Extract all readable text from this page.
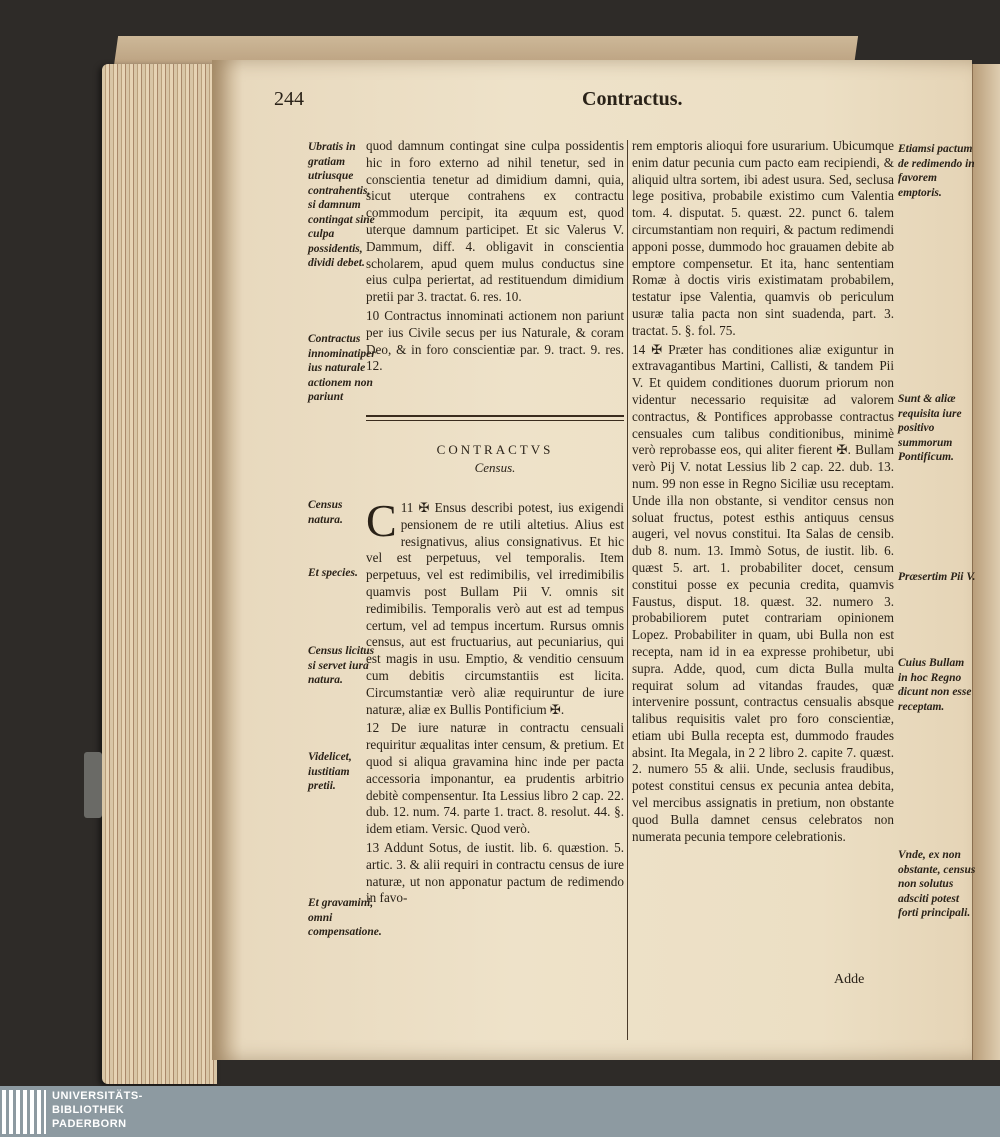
244	Contractus.
Ubratis in gratiam utriusque contrahentis, si damnum contingat sine culpa possidentis, dividi debet.
Contractus innominatiper ius naturale actionem non pariunt
Census natura.
Et species.
Census licitus si servet iura natura.
Videlicet, iustitiam pretii.
Et gravamini, omni compensatione.

quod damnum contingat sine culpa possidentis hic in foro externo ad nihil tenetur, sed in conscientia tenetur ad dimidium damni, quia, sicut uterque contrahens ex contractu commodum percipit, ita æquum est, quod uterque damnum participet. Et sic Valerus V. Dammum, diff. 4. obligavit in conscientia scholarem, apud quem mulus conductus sine eius culpa periertat, ad restituendum dimidium pretii par 3. tractat. 6. res. 10.

10 Contractus innominati actionem non pariunt per ius Civile secus per ius Naturale, & coram Deo, & in foro conscientiæ par. 9. tract. 9. res. 12.

CONTRACTVS
Census.

C 11 ✠ Ensus describi potest, ius exigendi pensionem de re utili altetius. Alius est resignativus, alius consignativus. Et hic vel est perpetuus, vel temporalis. Item perpetuus, vel est redimibilis, vel irredimibilis quamvis post Bullam Pii V. omnis sit redimibilis. Temporalis verò aut est ad tempus certum, vel ad tempus incertum. Rursus omnis census, aut est fructuarius, aut pecuniarius, qui est magis in usu. Emptio, & venditio censuum cum debitis circumstantiis est licita. Circumstantiæ verò aliæ requiruntur de iure naturæ, aliæ ex Bullis Pontificium ✠.

12 De iure naturæ in contractu censuali requiritur æqualitas inter censum, & pretium. Et quod si aliqua gravamina hinc inde per pacta accessoria imponantur, ea prudentis arbitrio debitè compensentur. Ita Lessius libro 2 cap. 22. dub. 12. num. 74. parte 1. tract. 8. resolut. 44. §. idem etiam. Versic. Quod verò.

13 Addunt Sotus, de iustit. lib. 6. quæstion. 5. artic. 3. & alii requiri in contractu census de iure naturæ, ut non apponatur pactum de redimendo in favo-

rem emptoris alioqui fore usurarium. Ubicumque enim datur pecunia cum pacto eam recipiendi, & aliquid ultra sortem, ibi adest usura. Sed, seclusa lege positiva, probabile existimo cum Valentia tom. 4. disputat. 5. quæst. 22. punct 6. talem circumstantiam non requiri, & pactum redimendi apponi posse, dummodo hoc grauamen debite ab emptore compensetur. Et ita, hanc sententiam Romæ à doctis viris existimatam probabilem, testatur ipse Valentia, quamvis ob periculum usuræ talia pacta non sint suadenda, part. 3. tractat. 5. §. fol. 75.

14 ✠ Præter has conditiones aliæ exiguntur in extravagantibus Martini, Callisti, & tandem Pii V. Et quidem conditiones duorum priorum non videntur necessario requisitæ ad valorem contractus, & Pontifices approbasse contractus censuales cum talibus conditionibus, minimè verò reprobasse eos, qui aliter fierent ✠. Bullam verò Pij V. notat Lessius lib 2 cap. 22. dub. 13. num. 99 non esse in Regno Siciliæ usu receptam. Unde illa non obstante, si venditor census non soluat fructus, potest esthis antiquus census augeri, vel novus constitui. Ita Salas de censib. dub 8. num. 13. Immò Sotus, de iustit. lib. 6. quæst 5. art. 1. probabiliter docet, censum constitui posse ex pecunia credita, quamvis Faustus, disput. 18. quæst. 32. numero 3. probabiliorem putet contrariam opinionem Lopez. Probabiliter in quam, ubi Bulla non est recepta, nam id in ea expresse prohibetur, ubi supra. Adde, quod, cum dicta Bulla multa requirat solum ad vitandas fraudes, quæ intervenire possunt, contractus censualis absque talibus requisitis valet pro foro conscientiæ, etiam ubi Bulla recepta est, dummodo fraudes absint. Ita Megala, in 2 2 libro 2. capite 7. quæst. 2. numero 55 & alii. Unde, seclusis fraudibus, potest constitui census ex pecunia antea debita, vel mercibus assignatis in pretium, non obstante quod Bulla damnet census celebratos non numerata pecunia tempore celebrationis.

Etiamsi pactum de redimendo in favorem emptoris.
Sunt & aliæ requisita iure positivo summorum Pontificum.
Præsertim Pii V.
Cuius Bullam in hoc Regno dicunt non esse receptam.
Vnde, ex non obstante, census non solutus adsciti potest forti principali.
Adde
UNIVERSITÄTS-
BIBLIOTHEK
PADERBORN
